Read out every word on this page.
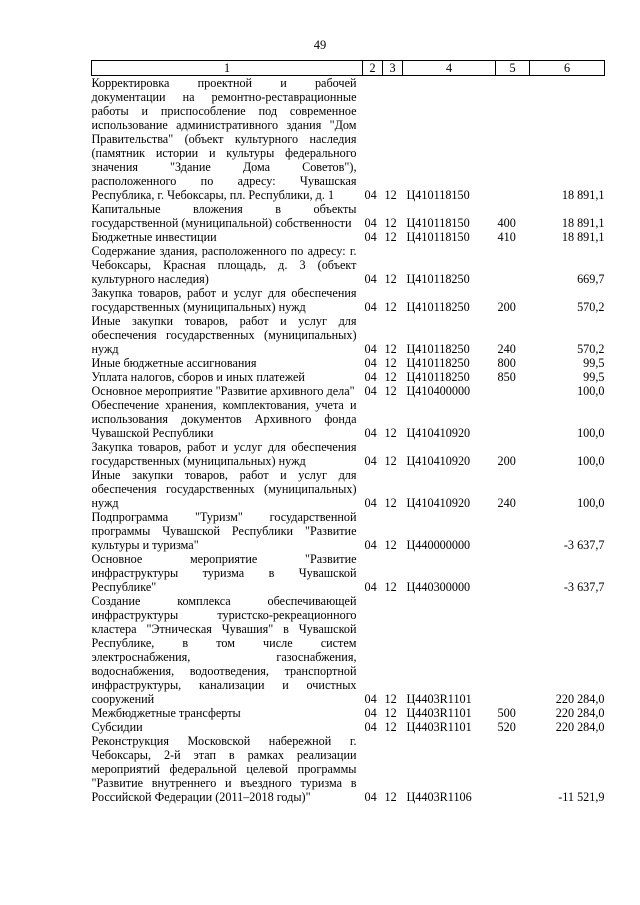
49
1	2	3	4	5	6
Корректировка проектной и рабочей документации на ремонтно-реставрационные работы и приспособление под современное использование административного здания "Дом Правительства" (объект культурного наследия (памятник истории и культуры федерального значения "Здание Дома Советов"), расположенного по адресу: Чувашская Республика, г. Чебоксары, пл. Республики, д. 1	04	12	Ц410118150		18 891,1
Капитальные вложения в объекты государственной (муниципальной) собственности	04	12	Ц410118150	400	18 891,1
Бюджетные инвестиции	04	12	Ц410118150	410	18 891,1
Содержание здания, расположенного по адресу: г. Чебоксары, Красная площадь, д. 3 (объект культурного наследия)	04	12	Ц410118250		669,7
Закупка товаров, работ и услуг для обеспечения государственных (муниципальных) нужд	04	12	Ц410118250	200	570,2
Иные закупки товаров, работ и услуг для обеспечения государственных (муниципальных) нужд	04	12	Ц410118250	240	570,2
Иные бюджетные ассигнования	04	12	Ц410118250	800	99,5
Уплата налогов, сборов и иных платежей	04	12	Ц410118250	850	99,5
Основное мероприятие "Развитие архивного дела"	04	12	Ц410400000		100,0
Обеспечение хранения, комплектования, учета и использования документов Архивного фонда Чувашской Республики	04	12	Ц410410920		100,0
Закупка товаров, работ и услуг для обеспечения государственных (муниципальных) нужд	04	12	Ц410410920	200	100,0
Иные закупки товаров, работ и услуг для обеспечения государственных (муниципальных) нужд	04	12	Ц410410920	240	100,0
Подпрограмма "Туризм" государственной программы Чувашской Республики "Развитие культуры и туризма"	04	12	Ц440000000		-3 637,7
Основное мероприятие "Развитие инфраструктуры туризма в Чувашской Республике"	04	12	Ц440300000		-3 637,7
Создание комплекса обеспечивающей инфраструктуры туристско-рекреационного кластера "Этническая Чувашия" в Чувашской Республике, в том числе систем электроснабжения, газоснабжения, водоснабжения, водоотведения, транспортной инфраструктуры, канализации и очистных сооружений	04	12	Ц4403R1101		220 284,0
Межбюджетные трансферты	04	12	Ц4403R1101	500	220 284,0
Субсидии	04	12	Ц4403R1101	520	220 284,0
Реконструкция Московской набережной г. Чебоксары, 2-й этап в рамках реализации мероприятий федеральной целевой программы "Развитие внутреннего и въездного туризма в Российской Федерации (2011–2018 годы)"	04	12	Ц4403R1106		-11 521,9
